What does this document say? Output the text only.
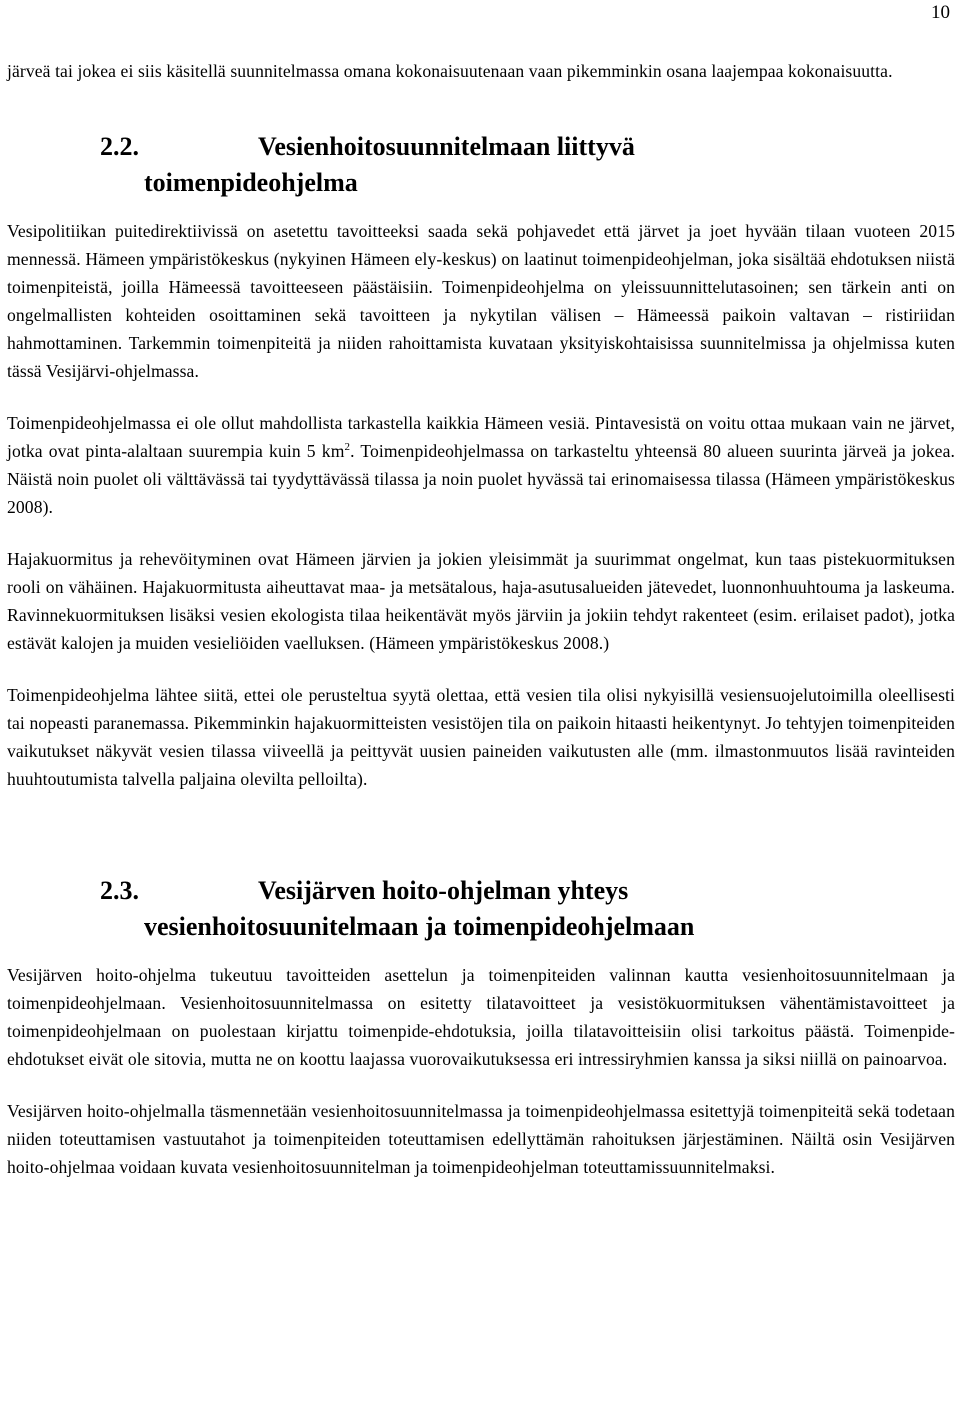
10

järveä tai jokea ei siis käsitellä suunnitelmassa omana kokonaisuutenaan vaan pikemminkin osana laajempaa kokonaisuutta.

2.2.	Vesienhoitosuunnitelmaan liittyvä toimenpideohjelma

Vesipolitiikan puitedirektiivissä on asetettu tavoitteeksi saada sekä pohjavedet että järvet ja joet hyvään tilaan vuoteen 2015 mennessä. Hämeen ympäristökeskus (nykyinen Hämeen ely-keskus) on laatinut toimenpideohjelman, joka sisältää ehdotuksen niistä toimenpiteistä, joilla Hämeessä tavoitteeseen päästäisiin. Toimenpideohjelma on yleissuunnittelutasoinen; sen tärkein anti on ongelmallisten kohteiden osoittaminen sekä tavoitteen ja nykytilan välisen – Hämeessä paikoin valtavan – ristiriidan hahmottaminen. Tarkemmin toimenpiteitä ja niiden rahoittamista kuvataan yksityiskohtaisissa suunnitelmissa ja ohjelmissa kuten tässä Vesijärvi-ohjelmassa.

Toimenpideohjelmassa ei ole ollut mahdollista tarkastella kaikkia Hämeen vesiä. Pintavesistä on voitu ottaa mukaan vain ne järvet, jotka ovat pinta-alaltaan suurempia kuin 5 $km^2$. Toimenpideohjelmassa on tarkasteltu yhteensä 80 alueen suurinta järveä ja jokea. Näistä noin puolet oli välttävässä tai tyydyttävässä tilassa ja noin puolet hyvässä tai erinomaisessa tilassa (Hämeen ympäristökeskus 2008).

Hajakuormitus ja rehevöityminen ovat Hämeen järvien ja jokien yleisimmät ja suurimmat ongelmat, kun taas pistekuormituksen rooli on vähäinen. Hajakuormitusta aiheuttavat maa- ja metsätalous, haja-asutusalueiden jätevedet, luonnonhuuhtouma ja laskeuma. Ravinnekuormituksen lisäksi vesien ekologista tilaa heikentävät myös järviin ja jokiin tehdyt rakenteet (esim. erilaiset padot), jotka estävät kalojen ja muiden vesieliöiden vaelluksen. (Hämeen ympäristökeskus 2008.)

Toimenpideohjelma lähtee siitä, ettei ole perusteltua syytä olettaa, että vesien tila olisi nykyisillä vesiensuojelutoimilla oleellisesti tai nopeasti paranemassa. Pikemminkin hajakuormitteisten vesistöjen tila on paikoin hitaasti heikentynyt. Jo tehtyjen toimenpiteiden vaikutukset näkyvät vesien tilassa viiveellä ja peittyvät uusien paineiden vaikutusten alle (mm. ilmastonmuutos lisää ravinteiden huuhtoutumista talvella paljaina olevilta pelloilta).

2.3.	Vesijärven hoito-ohjelman yhteys vesienhoitosuunitelmaan ja toimenpideohjelmaan

Vesijärven hoito-ohjelma tukeutuu tavoitteiden asettelun ja toimenpiteiden valinnan kautta vesienhoitosuunnitelmaan ja toimenpideohjelmaan. Vesienhoitosuunnitelmassa on esitetty tilatavoitteet ja vesistökuormituksen vähentämistavoitteet ja toimenpideohjelmaan on puolestaan kirjattu toimenpide-ehdotuksia, joilla tilatavoitteisiin olisi tarkoitus päästä. Toimenpide-ehdotukset eivät ole sitovia, mutta ne on koottu laajassa vuorovaikutuksessa eri intressiryhmien kanssa ja siksi niillä on painoarvoa.

Vesijärven hoito-ohjelmalla täsmennetään vesienhoitosuunnitelmassa ja toimenpideohjelmassa esitettyjä toimenpiteitä sekä todetaan niiden toteuttamisen vastuutahot ja toimenpiteiden toteuttamisen edellyttämän rahoituksen järjestäminen. Näiltä osin Vesijärven hoito-ohjelmaa voidaan kuvata vesienhoitosuunnitelman ja toimenpideohjelman toteuttamissuunnitelmaksi.
